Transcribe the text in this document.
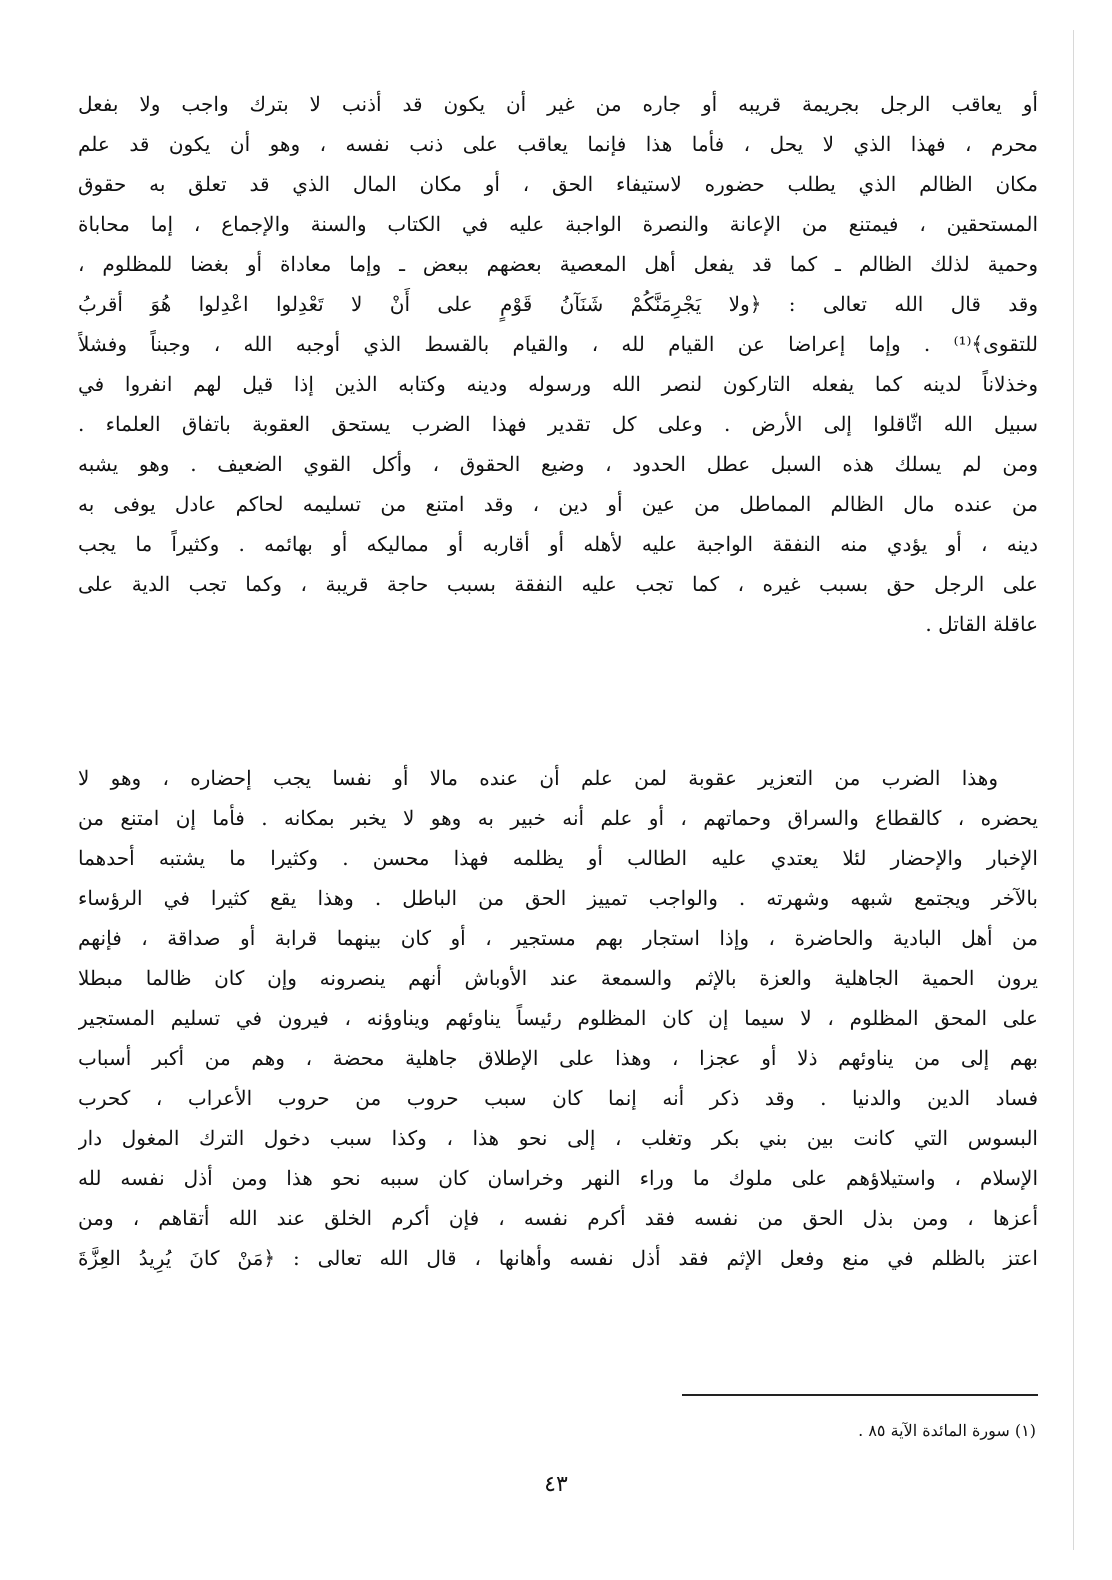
أو يعاقب الرجل بجريمة قريبه أو جاره من غير أن يكون قد أذنب لا بترك واجب ولا بفعل
محرم ، فهذا الذي لا يحل ، فأما هذا فإنما يعاقب على ذنب نفسه ، وهو أن يكون قد علم
مكان الظالم الذي يطلب حضوره لاستيفاء الحق ، أو مكان المال الذي قد تعلق به حقوق
المستحقين ، فيمتنع من الإعانة والنصرة الواجبة عليه في الكتاب والسنة والإجماع ، إما محاباة
وحمية لذلك الظالم ـ كما قد يفعل أهل المعصية بعضهم ببعض ـ وإما معاداة أو بغضا للمظلوم ،
وقد قال الله تعالى : ﴿ولا يَجْرِمَنَّكُمْ شَنَآنُ قَوْمٍ على أَنْ لا تَعْدِلوا اعْدِلوا هُوَ أقربُ
للتقوى﴾⁽¹⁾ . وإما إعراضا عن القيام لله ، والقيام بالقسط الذي أوجبه الله ، وجبناً وفشلاً
وخذلاناً لدينه كما يفعله التاركون لنصر الله ورسوله ودينه وكتابه الذين إذا قيل لهم انفروا في
سبيل الله اثّاقلوا إلى الأرض . وعلى كل تقدير فهذا الضرب يستحق العقوبة باتفاق العلماء .
ومن لم يسلك هذه السبل عطل الحدود ، وضيع الحقوق ، وأكل القوي الضعيف . وهو يشبه
من عنده مال الظالم المماطل من عين أو دين ، وقد امتنع من تسليمه لحاكم عادل يوفى به
دينه ، أو يؤدي منه النفقة الواجبة عليه لأهله أو أقاربه أو مماليكه أو بهائمه . وكثيراً ما يجب
على الرجل حق بسبب غيره ، كما تجب عليه النفقة بسبب حاجة قريبة ، وكما تجب الدية على
عاقلة القاتل .
وهذا الضرب من التعزير عقوبة لمن علم أن عنده مالا أو نفسا يجب إحضاره ، وهو لا
يحضره ، كالقطاع والسراق وحماتهم ، أو علم أنه خبير به وهو لا يخبر بمكانه . فأما إن امتنع من
الإخبار والإحضار لئلا يعتدي عليه الطالب أو يظلمه فهذا محسن . وكثيرا ما يشتبه أحدهما
بالآخر ويجتمع شبهه وشهرته . والواجب تمييز الحق من الباطل . وهذا يقع كثيرا في الرؤساء
من أهل البادية والحاضرة ، وإذا استجار بهم مستجير ، أو كان بينهما قرابة أو صداقة ، فإنهم
يرون الحمية الجاهلية والعزة بالإثم والسمعة عند الأوباش أنهم ينصرونه وإن كان ظالما مبطلا
على المحق المظلوم ، لا سيما إن كان المظلوم رئيساً يناوئهم ويناوؤنه ، فيرون في تسليم المستجير
بهم إلى من يناوئهم ذلا أو عجزا ، وهذا على الإطلاق جاهلية محضة ، وهم من أكبر أسباب
فساد الدين والدنيا . وقد ذكر أنه إنما كان سبب حروب من حروب الأعراب ، كحرب
البسوس التي كانت بين بني بكر وتغلب ، إلى نحو هذا ، وكذا سبب دخول الترك المغول دار
الإسلام ، واستيلاؤهم على ملوك ما وراء النهر وخراسان كان سببه نحو هذا ومن أذل نفسه لله
أعزها ، ومن بذل الحق من نفسه فقد أكرم نفسه ، فإن أكرم الخلق عند الله أتقاهم ، ومن
اعتز بالظلم في منع وفعل الإثم فقد أذل نفسه وأهانها ، قال الله تعالى : ﴿مَنْ كانَ يُرِيدُ العِزَّةَ
(١) سورة المائدة الآية ٨٥ .
٤٣
